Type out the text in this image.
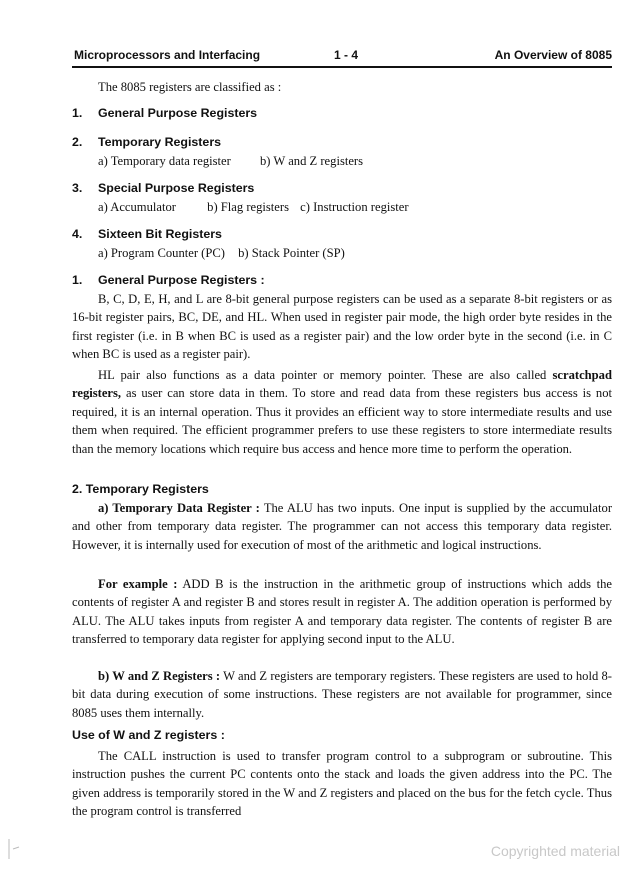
Microprocessors and Interfacing	1 - 4	An Overview of 8085

The 8085 registers are classified as :

1. General Purpose Registers
2. Temporary Registers
a) Temporary data register b) W and Z registers
3. Special Purpose Registers
a) Accumulator b) Flag registers c) Instruction register
4. Sixteen Bit Registers
a) Program Counter (PC) b) Stack Pointer (SP)
1. General Purpose Registers :

B, C, D, E, H, and L are 8-bit general purpose registers can be used as a separate 8-bit registers or as 16-bit register pairs, BC, DE, and HL. When used in register pair mode, the high order byte resides in the first register (i.e. in B when BC is used as a register pair) and the low order byte in the second (i.e. in C when BC is used as a register pair).

HL pair also functions as a data pointer or memory pointer. These are also called scratchpad registers, as user can store data in them. To store and read data from these registers bus access is not required, it is an internal operation. Thus it provides an efficient way to store intermediate results and use them when required. The efficient programmer prefers to use these registers to store intermediate results than the memory locations which require bus access and hence more time to perform the operation.

2. Temporary Registers

a) Temporary Data Register : The ALU has two inputs. One input is supplied by the accumulator and other from temporary data register. The programmer can not access this temporary data register. However, it is internally used for execution of most of the arithmetic and logical instructions.

For example : ADD B is the instruction in the arithmetic group of instructions which adds the contents of register A and register B and stores result in register A. The addition operation is performed by ALU. The ALU takes inputs from register A and temporary data register. The contents of register B are transferred to temporary data register for applying second input to the ALU.

b) W and Z Registers : W and Z registers are temporary registers. These registers are used to hold 8-bit data during execution of some instructions. These registers are not available for programmer, since 8085 uses them internally.

Use of W and Z registers :

The CALL instruction is used to transfer program control to a subprogram or subroutine. This instruction pushes the current PC contents onto the stack and loads the given address into the PC. The given address is temporarily stored in the W and Z registers and placed on the bus for the fetch cycle. Thus the program control is transferred

Copyrighted material
